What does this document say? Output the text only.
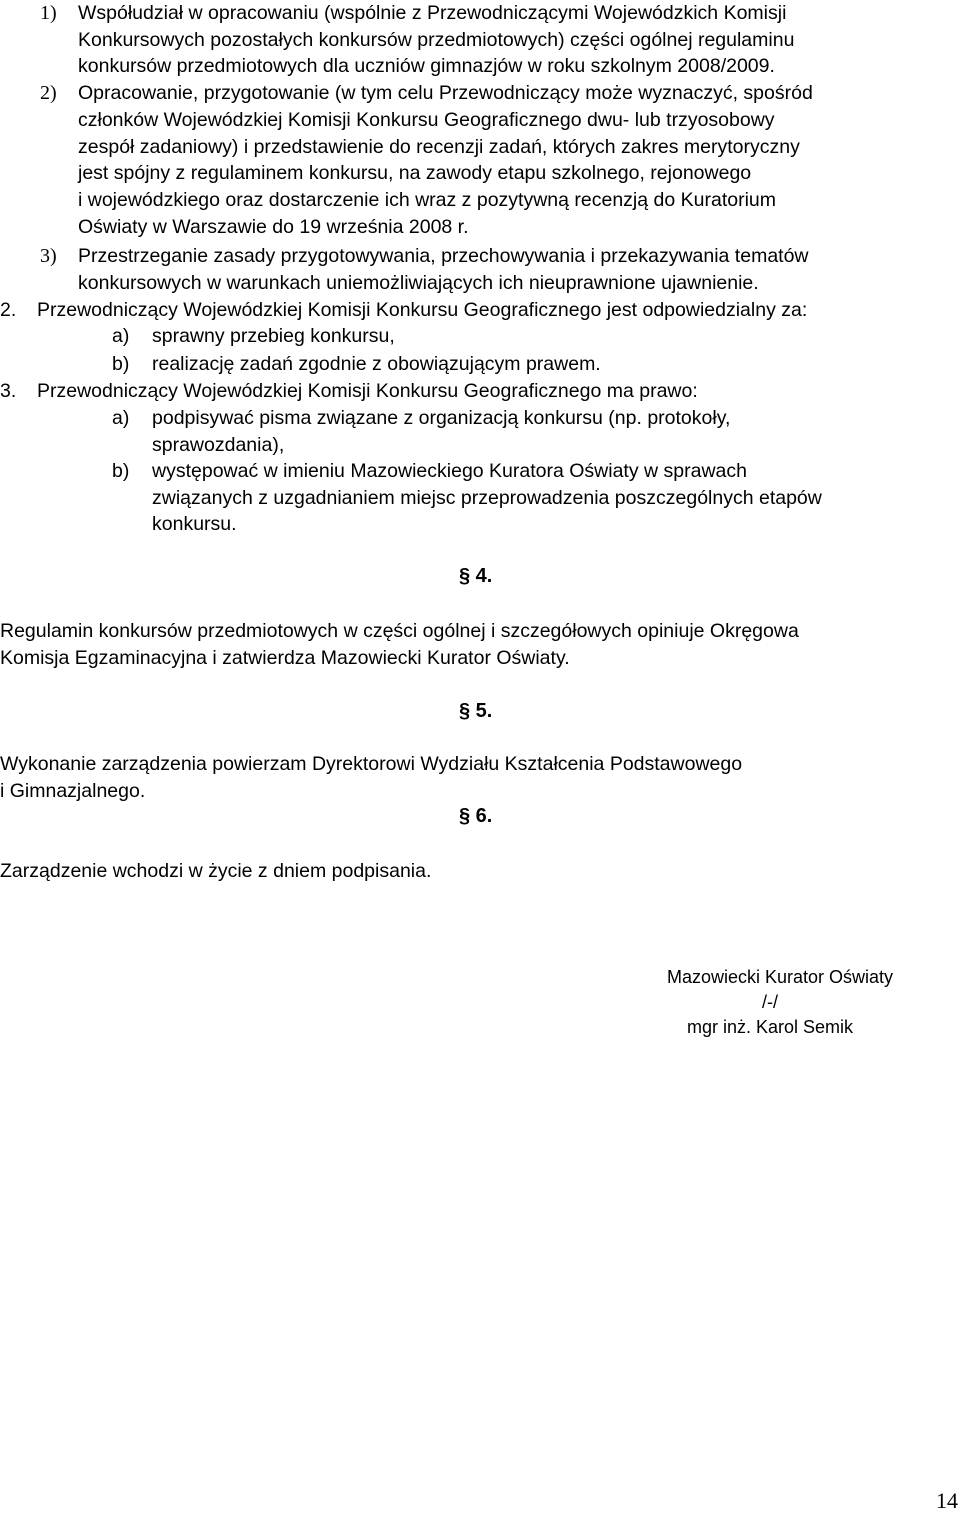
1) Współudział w opracowaniu (wspólnie z Przewodniczącymi Wojewódzkich Komisji

Konkursowych pozostałych konkursów przedmiotowych) części ogólnej regulaminu

konkursów przedmiotowych dla uczniów gimnazjów w roku szkolnym 2008/2009.

2) Opracowanie, przygotowanie (w tym celu Przewodniczący może wyznaczyć, spośród

członków Wojewódzkiej Komisji Konkursu Geograficznego dwu- lub trzyosobowy

zespół zadaniowy) i przedstawienie do recenzji zadań, których zakres merytoryczny

jest spójny z regulaminem konkursu, na zawody etapu szkolnego, rejonowego

i wojewódzkiego oraz dostarczenie ich wraz z pozytywną recenzją do Kuratorium

Oświaty w Warszawie do 19 września 2008 r.

3) Przestrzeganie zasady przygotowywania, przechowywania i przekazywania tematów

konkursowych w warunkach uniemożliwiających ich nieuprawnione ujawnienie.

2. Przewodniczący Wojewódzkiej Komisji Konkursu Geograficznego jest odpowiedzialny za:

a) sprawny przebieg konkursu,

b) realizację zadań zgodnie z obowiązującym prawem.

3. Przewodniczący Wojewódzkiej Komisji Konkursu Geograficznego ma prawo:

a) podpisywać pisma związane z organizacją konkursu (np. protokoły,

sprawozdania),

b) występować w imieniu Mazowieckiego Kuratora Oświaty w sprawach

związanych z uzgadnianiem miejsc przeprowadzenia poszczególnych etapów

konkursu.

§ 4.

Regulamin konkursów przedmiotowych w części ogólnej i szczegółowych opiniuje Okręgowa

Komisja Egzaminacyjna i zatwierdza Mazowiecki Kurator Oświaty.

§ 5.

Wykonanie zarządzenia powierzam Dyrektorowi Wydziału Kształcenia Podstawowego

i Gimnazjalnego.

§ 6.

Zarządzenie wchodzi w życie z dniem podpisania.

Mazowiecki Kurator Oświaty

/-/

mgr inż. Karol Semik

14
